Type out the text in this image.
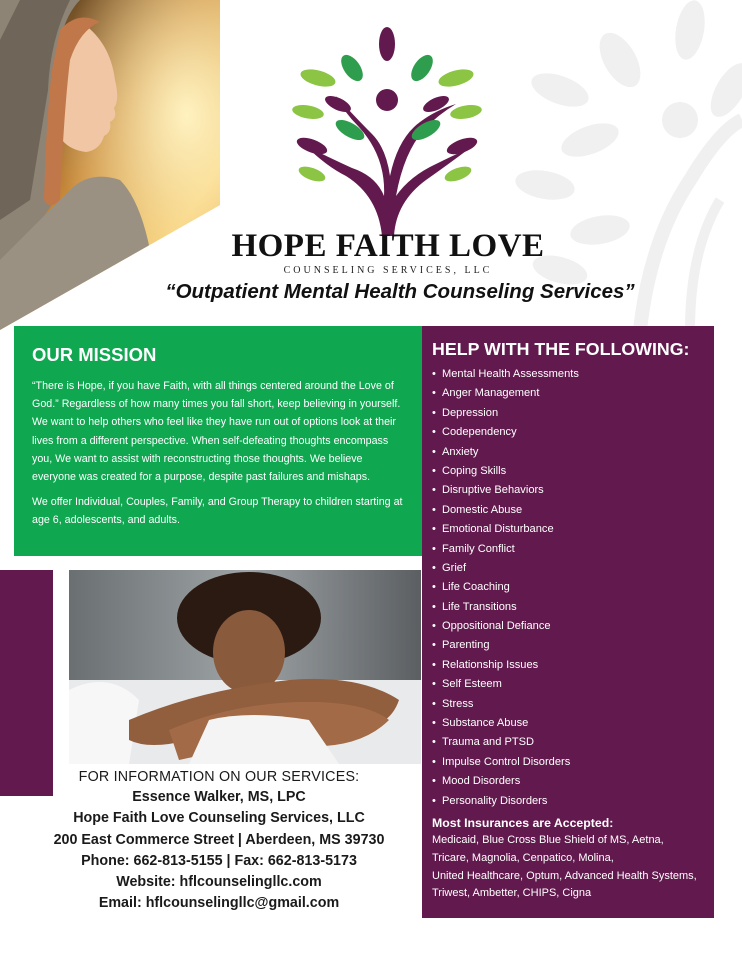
HOPE FAITH LOVE
COUNSELING SERVICES, LLC
“Outpatient Mental Health Counseling Services”
OUR MISSION

“There is Hope, if you have Faith, with all things centered around the Love of God.” Regardless of how many times you fall short, keep believing in yourself. We want to help others who feel like they have run out of options look at their lives from a different perspective. When self-defeating thoughts encompass you, We want to assist with reconstructing those thoughts. We believe everyone was created for a purpose, despite past failures and mishaps.

We offer Individual, Couples, Family, and Group Therapy to children starting at age 6, adolescents, and adults.

FOR INFORMATION ON OUR SERVICES:
Essence Walker, MS, LPC
Hope Faith Love Counseling Services, LLC
200 East Commerce Street | Aberdeen, MS 39730
Phone: 662-813-5155 | Fax: 662-813-5173
Website: hflcounselingllc.com
Email: hflcounselingllc@gmail.com
HELP WITH THE FOLLOWING:
• Mental Health Assessments
• Anger Management
• Depression
• Codependency
• Anxiety
• Coping Skills
• Disruptive Behaviors
• Domestic Abuse
• Emotional Disturbance
• Family Conflict
• Grief
• Life Coaching
• Life Transitions
• Oppositional Defiance
• Parenting
• Relationship Issues
• Self Esteem
• Stress
• Substance Abuse
• Trauma and PTSD
• Impulse Control Disorders
• Mood Disorders
• Personality Disorders
Most Insurances are Accepted:
Medicaid, Blue Cross Blue Shield of MS, Aetna,
Tricare, Magnolia, Cenpatico, Molina,
United Healthcare, Optum, Advanced Health Systems,
Triwest, Ambetter, CHIPS, Cigna
